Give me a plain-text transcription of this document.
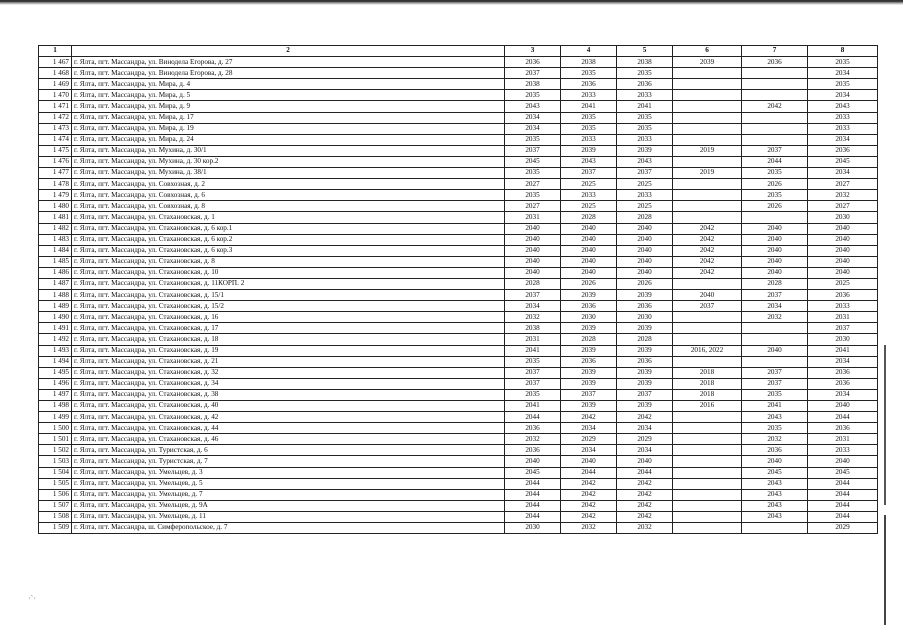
·`·
1	2	3	4	5	6	7	8
1 467	г. Ялта, пгт. Массандра, ул. Винодела Егорова, д. 27	2036	2038	2038	2039	2036	2035
1 468	г. Ялта, пгт. Массандра, ул. Винодела Егорова, д. 28	2037	2035	2035			2034
1 469	г. Ялта, пгт. Массандра, ул. Мира, д. 4	2038	2036	2036			2035
1 470	г. Ялта, пгт. Массандра, ул. Мира, д. 5	2035	2033	2033			2034
1 471	г. Ялта, пгт. Массандра, ул. Мира, д. 9	2043	2041	2041		2042	2043
1 472	г. Ялта, пгт. Массандра, ул. Мира, д. 17	2034	2035	2035			2033
1 473	г. Ялта, пгт. Массандра, ул. Мира, д. 19	2034	2035	2035			2033
1 474	г. Ялта, пгт. Массандра, ул. Мира, д. 24	2035	2033	2033			2034
1 475	г. Ялта, пгт. Массандра, ул. Мухина, д. 30/1	2037	2039	2039	2019	2037	2036
1 476	г. Ялта, пгт. Массандра, ул. Мухина, д. 30 кор.2	2045	2043	2043		2044	2045
1 477	г. Ялта, пгт. Массандра, ул. Мухина, д. 38/1	2035	2037	2037	2019	2035	2034
1 478	г. Ялта, пгт. Массандра, ул. Совхозная, д. 2	2027	2025	2025		2026	2027
1 479	г. Ялта, пгт. Массандра, ул. Совхозная, д. 6	2035	2033	2033		2035	2032
1 480	г. Ялта, пгт. Массандра, ул. Совхозная, д. 8	2027	2025	2025		2026	2027
1 481	г. Ялта, пгт. Массандра, ул. Стахановская, д. 1	2031	2028	2028			2030
1 482	г. Ялта, пгт. Массандра, ул. Стахановская, д. 6 кор.1	2040	2040	2040	2042	2040	2040
1 483	г. Ялта, пгт. Массандра, ул. Стахановская, д. 6 кор.2	2040	2040	2040	2042	2040	2040
1 484	г. Ялта, пгт. Массандра, ул. Стахановская, д. 6 кор.3	2040	2040	2040	2042	2040	2040
1 485	г. Ялта, пгт. Массандра, ул. Стахановская, д. 8	2040	2040	2040	2042	2040	2040
1 486	г. Ялта, пгт. Массандра, ул. Стахановская, д. 10	2040	2040	2040	2042	2040	2040
1 487	г. Ялта, пгт. Массандра, ул. Стахановская, д. 11КОРП. 2	2028	2026	2026		2028	2025
1 488	г. Ялта, пгт. Массандра, ул. Стахановская, д. 15/1	2037	2039	2039	2040	2037	2036
1 489	г. Ялта, пгт. Массандра, ул. Стахановская, д. 15/2	2034	2036	2036	2037	2034	2033
1 490	г. Ялта, пгт. Массандра, ул. Стахановская, д. 16	2032	2030	2030		2032	2031
1 491	г. Ялта, пгт. Массандра, ул. Стахановская, д. 17	2038	2039	2039			2037
1 492	г. Ялта, пгт. Массандра, ул. Стахановская, д. 18	2031	2028	2028			2030
1 493	г. Ялта, пгт. Массандра, ул. Стахановская, д. 19	2041	2039	2039	2016, 2022	2040	2041
1 494	г. Ялта, пгт. Массандра, ул. Стахановская, д. 21	2035	2036	2036			2034
1 495	г. Ялта, пгт. Массандра, ул. Стахановская, д. 32	2037	2039	2039	2018	2037	2036
1 496	г. Ялта, пгт. Массандра, ул. Стахановская, д. 34	2037	2039	2039	2018	2037	2036
1 497	г. Ялта, пгт. Массандра, ул. Стахановская, д. 38	2035	2037	2037	2018	2035	2034
1 498	г. Ялта, пгт. Массандра, ул. Стахановская, д. 40	2041	2039	2039	2016	2041	2040
1 499	г. Ялта, пгт. Массандра, ул. Стахановская, д. 42	2044	2042	2042		2043	2044
1 500	г. Ялта, пгт. Массандра, ул. Стахановская, д. 44	2036	2034	2034		2035	2036
1 501	г. Ялта, пгт. Массандра, ул. Стахановская, д. 46	2032	2029	2029		2032	2031
1 502	г. Ялта, пгт. Массандра, ул. Туристская, д. 6	2036	2034	2034		2036	2033
1 503	г. Ялта, пгт. Массандра, ул. Туристская, д. 7	2040	2040	2040		2040	2040
1 504	г. Ялта, пгт. Массандра, ул. Умельцев, д. 3	2045	2044	2044		2045	2045
1 505	г. Ялта, пгт. Массандра, ул. Умельцев, д. 5	2044	2042	2042		2043	2044
1 506	г. Ялта, пгт. Массандра, ул. Умельцев, д. 7	2044	2042	2042		2043	2044
1 507	г. Ялта, пгт. Массандра, ул. Умельцев, д. 9А	2044	2042	2042		2043	2044
1 508	г. Ялта, пгт. Массандра, ул. Умельцев, д. 11	2044	2042	2042		2043	2044
1 509	г. Ялта, пгт. Массандра, ш. Симферопольское, д. 7	2030	2032	2032			2029
